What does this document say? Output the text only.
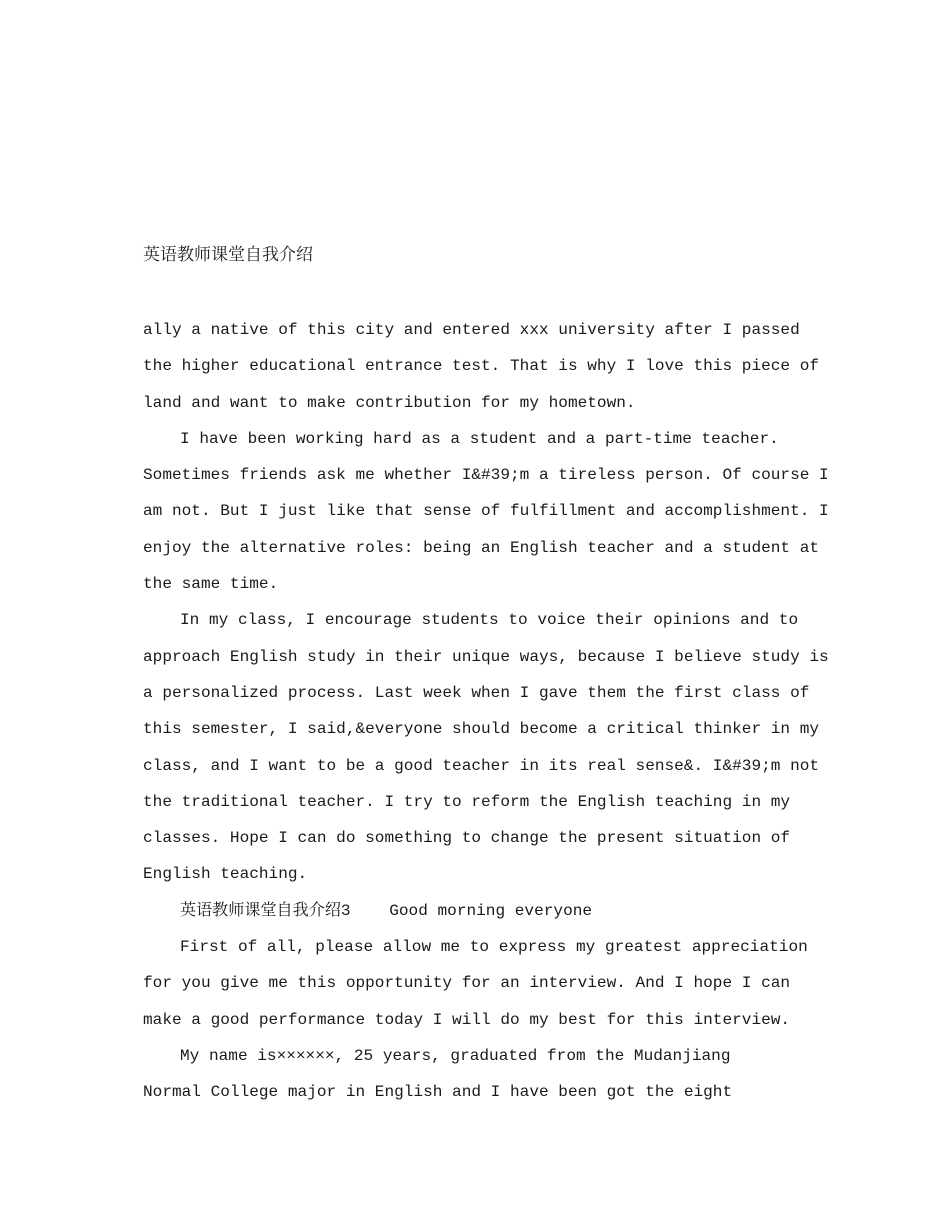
英语教师课堂自我介绍
ally a native of this city and entered xxx university after I passed
the higher educational entrance test. That is why I love this piece of
land and want to make contribution for my hometown.
I have been working hard as a student and a part-time teacher.
Sometimes friends ask me whether I&#39;m a tireless person. Of course I
am not. But I just like that sense of fulfillment and accomplishment. I
enjoy the alternative roles: being an English teacher and a student at
the same time.
In my class, I encourage students to voice their opinions and to
approach English study in their unique ways, because I believe study is
a personalized process. Last week when I gave them the first class of
this semester, I said,&everyone should become a critical thinker in my
class, and I want to be a good teacher in its real sense&. I&#39;m not
the traditional teacher. I try to reform the English teaching in my
classes. Hope I can do something to change the present situation of
English teaching.
英语教师课堂自我介绍3    Good morning everyone
First of all, please allow me to express my greatest appreciation
for you give me this opportunity for an interview. And I hope I can
make a good performance today I will do my best for this interview.
My name is××××××, 25 years, graduated from the Mudanjiang
Normal College major in English and I have been got the eight
